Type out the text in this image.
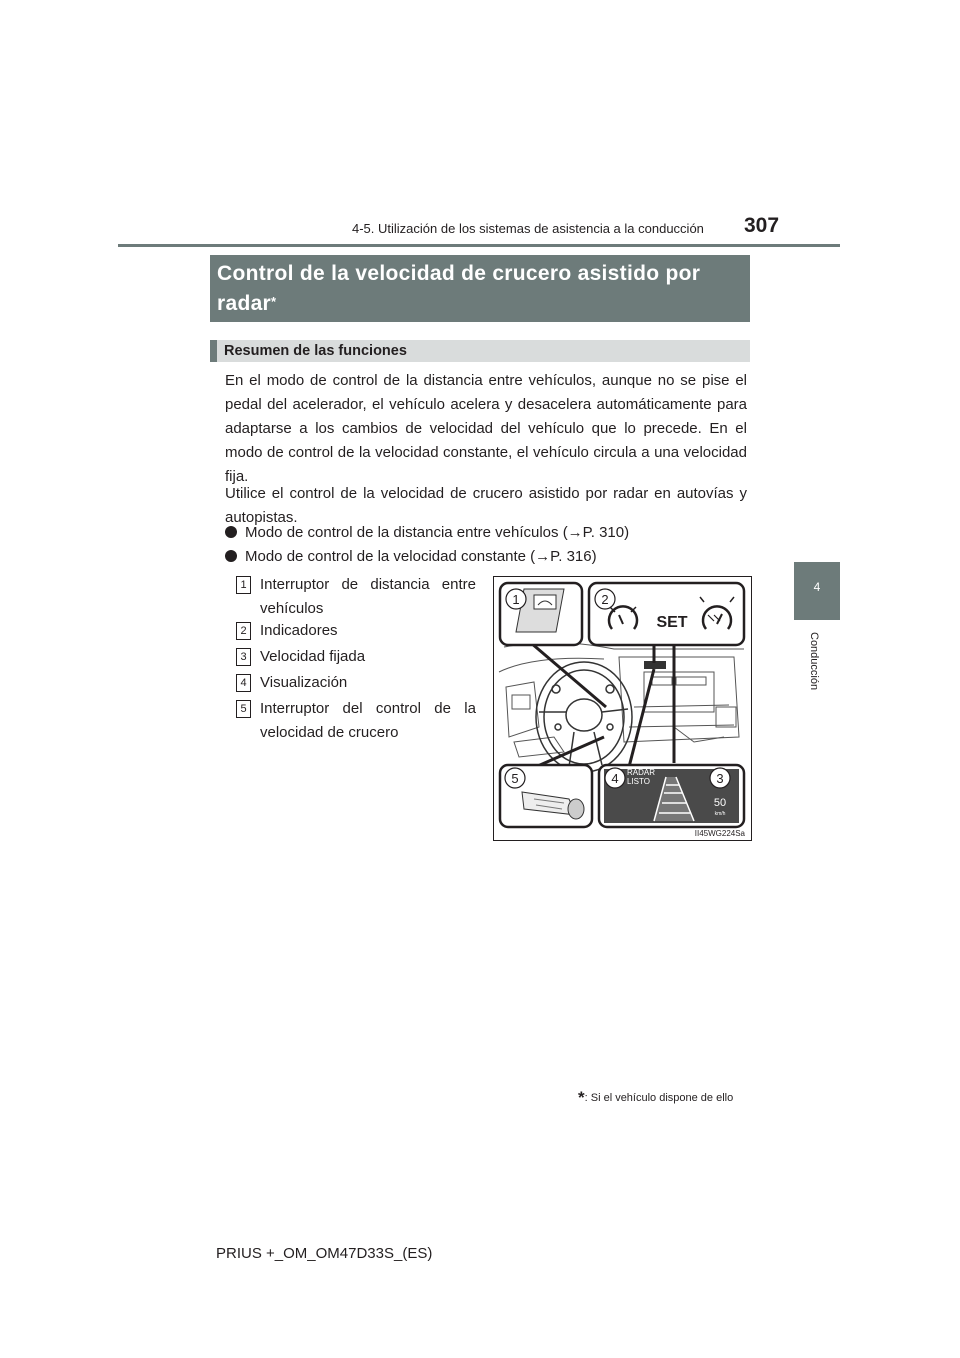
4-5. Utilización de los sistemas de asistencia a la conducción 307
4
Conducción
Control de la velocidad de crucero asistido por radar*
Resumen de las funciones
En el modo de control de la distancia entre vehículos, aunque no se pise el pedal del acelerador, el vehículo acelera y desacelera automáticamente para adaptarse a los cambios de velocidad del vehículo que lo precede. En el modo de control de la velocidad constante, el vehículo circula a una velocidad fija.
Utilice el control de la velocidad de crucero asistido por radar en autovías y autopistas.
Modo de control de la distancia entre vehículos (→P. 310)
Modo de control de la velocidad constante (→P. 316)
1 Interruptor de distancia entre vehículos
2 Indicadores
3 Velocidad fijada
4 Visualización
5 Interruptor del control de la velocidad de crucero
1	2
SET
5	4	3
RADAR
LISTO
50
km/h
II45WG224Sa
*: Si el vehículo dispone de ello
PRIUS +_OM_OM47D33S_(ES)
